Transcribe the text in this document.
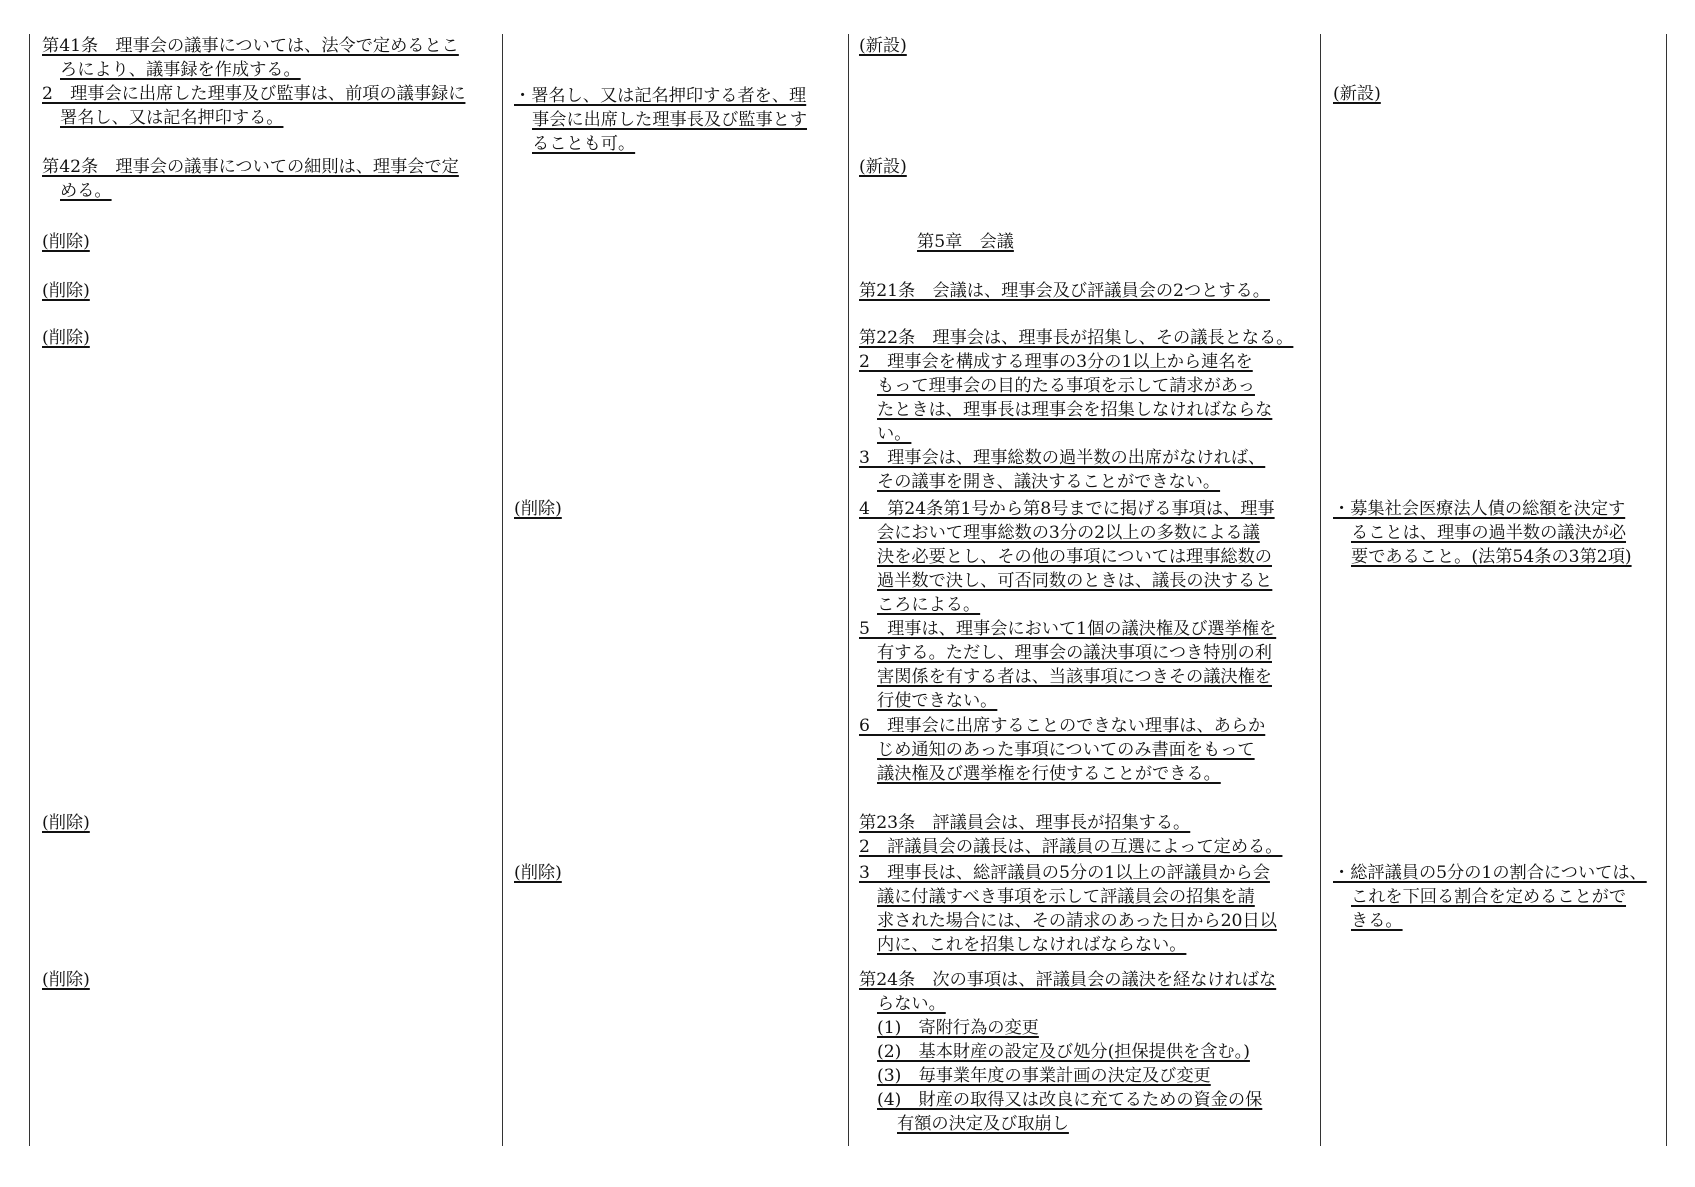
第41条　理事会の議事については、法令で定めるとこ
ろにより、議事録を作成する。
2　理事会に出席した理事及び監事は、前項の議事録に
署名し、又は記名押印する。
第42条　理事会の議事についての細則は、理事会で定
める。
(削除)
(削除)
(削除)
(削除)
(削除)
・署名し、又は記名押印する者を、理
事会に出席した理事長及び監事とす
ることも可。
(削除)
(削除)
(新設)
(新設)
第5章　会議
第21条　会議は、理事会及び評議員会の2つとする。
第22条　理事会は、理事長が招集し、その議長となる。
2　理事会を構成する理事の3分の1以上から連名を
もって理事会の目的たる事項を示して請求があっ
たときは、理事長は理事会を招集しなければならな
い。
3　理事会は、理事総数の過半数の出席がなければ、
その議事を開き、議決することができない。
4　第24条第1号から第8号までに掲げる事項は、理事
会において理事総数の3分の2以上の多数による議
決を必要とし、その他の事項については理事総数の
過半数で決し、可否同数のときは、議長の決すると
ころによる。
5　理事は、理事会において1個の議決権及び選挙権を
有する。ただし、理事会の議決事項につき特別の利
害関係を有する者は、当該事項につきその議決権を
行使できない。
6　理事会に出席することのできない理事は、あらか
じめ通知のあった事項についてのみ書面をもって
議決権及び選挙権を行使することができる。
第23条　評議員会は、理事長が招集する。
2　評議員会の議長は、評議員の互選によって定める。
3　理事長は、総評議員の5分の1以上の評議員から会
議に付議すべき事項を示して評議員会の招集を請
求された場合には、その請求のあった日から20日以
内に、これを招集しなければならない。
第24条　次の事項は、評議員会の議決を経なければな
らない。
(1)　寄附行為の変更
(2)　基本財産の設定及び処分(担保提供を含む。)
(3)　毎事業年度の事業計画の決定及び変更
(4)　財産の取得又は改良に充てるための資金の保
有額の決定及び取崩し
(新設)
・募集社会医療法人債の総額を決定す
ることは、理事の過半数の議決が必
要であること。(法第54条の3第2項)
・総評議員の5分の1の割合については、
これを下回る割合を定めることがで
きる。
